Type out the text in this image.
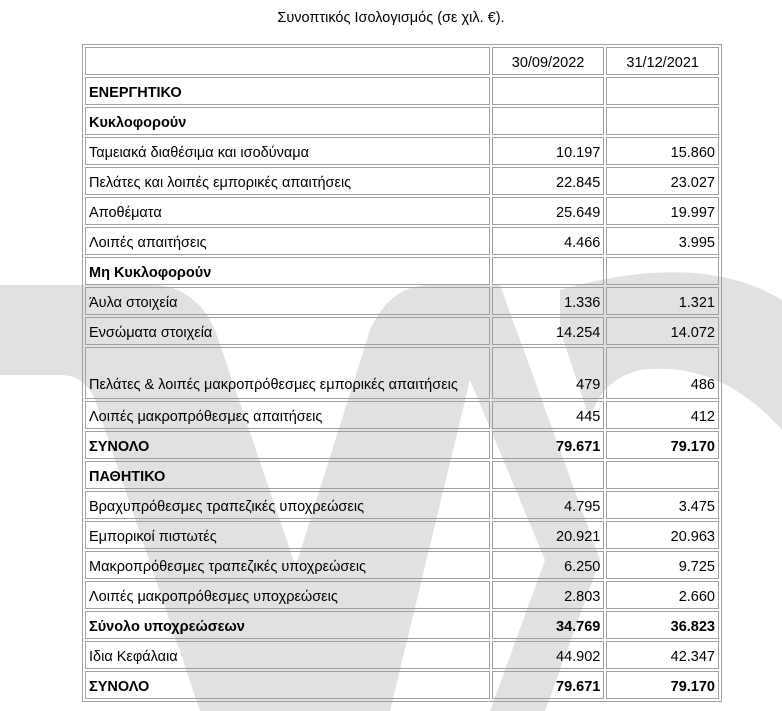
Συνοπτικός Ισολογισμός (σε χιλ. €).
	30/09/2022	31/12/2021
ΕΝΕΡΓΗΤΙΚΟ		
Κυκλοφορούν		
Ταμειακά διαθέσιμα και ισοδύναμα	10.197	15.860
Πελάτες και λοιπές εμπορικές απαιτήσεις	22.845	23.027
Αποθέματα	25.649	19.997
Λοιπές απαιτήσεις	4.466	3.995
Μη Κυκλοφορούν		
Άυλα στοιχεία	1.336	1.321
Ενσώματα στοιχεία	14.254	14.072
Πελάτες & λοιπές μακροπρόθεσμες εμπορικές απαιτήσεις	479	486
Λοιπές μακροπρόθεσμες απαιτήσεις	445	412
ΣΥΝΟΛΟ	79.671	79.170
ΠΑΘΗΤΙΚΟ		
Βραχυπρόθεσμες τραπεζικές υποχρεώσεις	4.795	3.475
Εμπορικοί πιστωτές	20.921	20.963
Μακροπρόθεσμες τραπεζικές υποχρεώσεις	6.250	9.725
Λοιπές μακροπρόθεσμες υποχρεώσεις	2.803	2.660
Σύνολο υποχρεώσεων	34.769	36.823
Ιδια Κεφάλαια	44.902	42.347
ΣΥΝΟΛΟ	79.671	79.170
